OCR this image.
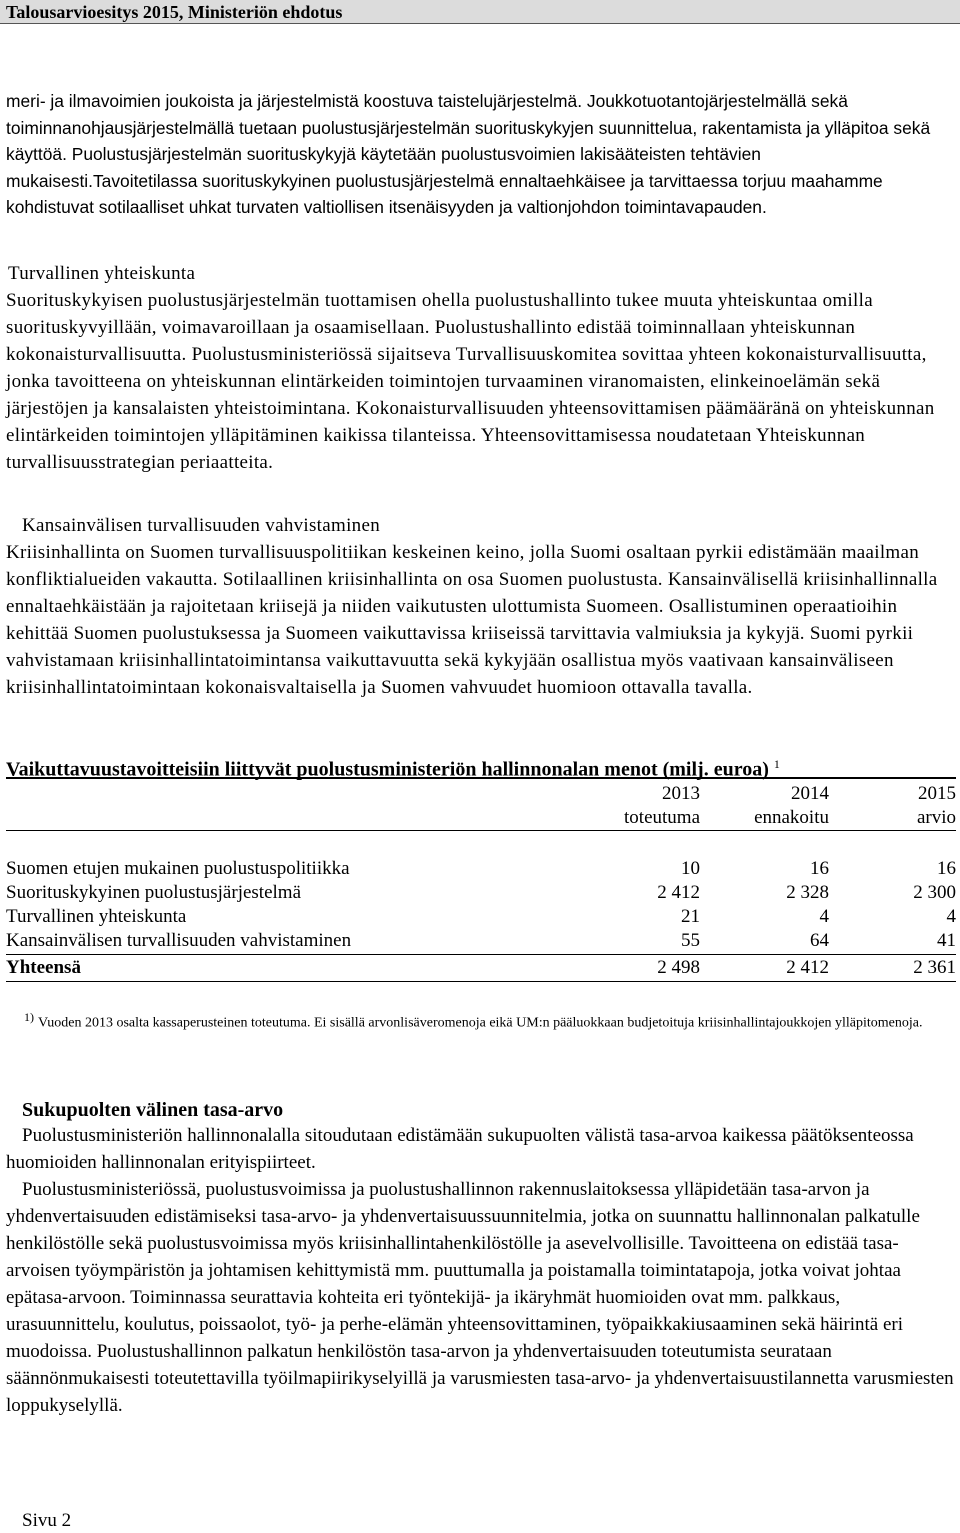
Talousarvioesitys 2015, Ministeriön ehdotus

meri- ja ilmavoimien joukoista ja järjestelmistä koostuva taistelujärjestelmä. Joukkotuotantojärjestelmällä sekä toiminnanohjausjärjestelmällä tuetaan puolustusjärjestelmän suorituskykyjen suunnittelua, rakentamista ja ylläpitoa sekä käyttöä. Puolustusjärjestelmän suorituskykyjä käytetään puolustusvoimien lakisääteisten tehtävien mukaisesti.Tavoitetilassa suorituskykyinen puolustusjärjestelmä ennaltaehkäisee ja tarvittaessa torjuu maahamme kohdistuvat sotilaalliset uhkat turvaten valtiollisen itsenäisyyden ja valtionjohdon toimintavapauden.

Turvallinen yhteiskunta

Suorituskykyisen puolustusjärjestelmän tuottamisen ohella puolustushallinto tukee muuta yhteiskuntaa omilla suorituskyvyillään, voimavaroillaan ja osaamisellaan. Puolustushallinto edistää toiminnallaan yhteiskunnan kokonaisturvallisuutta. Puolustusministeriössä sijaitseva Turvallisuuskomitea sovittaa yhteen kokonaisturvallisuutta, jonka tavoitteena on yhteiskunnan elintärkeiden toimintojen turvaaminen viranomaisten, elinkeinoelämän sekä järjestöjen ja kansalaisten yhteistoimintana. Kokonaisturvallisuuden yhteensovittamisen päämääränä on yhteiskunnan elintärkeiden toimintojen ylläpitäminen kaikissa tilanteissa. Yhteensovittamisessa noudatetaan Yhteiskunnan turvallisuusstrategian periaatteita.

Kansainvälisen turvallisuuden vahvistaminen

Kriisinhallinta on Suomen turvallisuuspolitiikan keskeinen keino, jolla Suomi osaltaan pyrkii edistämään maailman konfliktialueiden vakautta. Sotilaallinen kriisinhallinta on osa Suomen puolustusta. Kansainvälisellä kriisinhallinnalla ennaltaehkäistään ja rajoitetaan kriisejä ja niiden vaikutusten ulottumista Suomeen. Osallistuminen operaatioihin kehittää Suomen puolustuksessa ja Suomeen vaikuttavissa kriiseissä tarvittavia valmiuksia ja kykyjä. Suomi pyrkii vahvistamaan kriisinhallintatoimintansa vaikuttavuutta sekä kykyjään osallistua myös vaativaan kansainväliseen kriisinhallintatoimintaan kokonaisvaltaisella ja Suomen vahvuudet huomioon ottavalla tavalla.

Vaikuttavuustavoitteisiin liittyvät puolustusministeriön hallinnonalan menot (milj. euroa) $^1$

2013	2014	2015
toteutuma	ennakoitu	arvio
Suomen etujen mukainen puolustuspolitiikka	10	16	16
Suorituskykyinen puolustusjärjestelmä	2 412	2 328	2 300
Turvallinen yhteiskunta	21	4	4
Kansainvälisen turvallisuuden vahvistaminen	55	64	41
Yhteensä	2 498	2 412	2 361
$^{1)}$ Vuoden 2013 osalta kassaperusteinen toteutuma. Ei sisällä arvonlisäveromenoja eikä UM:n pääluokkaan budjetoituja kriisinhallintajoukkojen ylläpitomenoja.
Sukupuolten välinen tasa-arvo

Puolustusministeriön hallinnonalalla sitoudutaan edistämään sukupuolten välistä tasa-arvoa kaikessa päätöksenteossa huomioiden hallinnonalan erityispiirteet.

Puolustusministeriössä, puolustusvoimissa ja puolustushallinnon rakennuslaitoksessa ylläpidetään tasa-arvon ja yhdenvertaisuuden edistämiseksi tasa-arvo- ja yhdenvertaisuussuunnitelmia, jotka on suunnattu hallinnonalan palkatulle henkilöstölle sekä puolustusvoimissa myös kriisinhallintahenkilöstölle ja asevelvollisille. Tavoitteena on edistää tasa-arvoisen työympäristön ja johtamisen kehittymistä mm. puuttumalla ja poistamalla toimintatapoja, jotka voivat johtaa epätasa-arvoon. Toiminnassa seurattavia kohteita eri työntekijä- ja ikäryhmät huomioiden ovat mm. palkkaus, urasuunnittelu, koulutus, poissaolot, työ- ja perhe-elämän yhteensovittaminen, työpaikkakiusaaminen sekä häirintä eri muodoissa. Puolustushallinnon palkatun henkilöstön tasa-arvon ja yhdenvertaisuuden toteutumista seurataan säännönmukaisesti toteutettavilla työilmapiirikyselyillä ja varusmiesten tasa-arvo- ja yhdenvertaisuustilannetta varusmiesten loppukyselyllä.

Sivu 2
